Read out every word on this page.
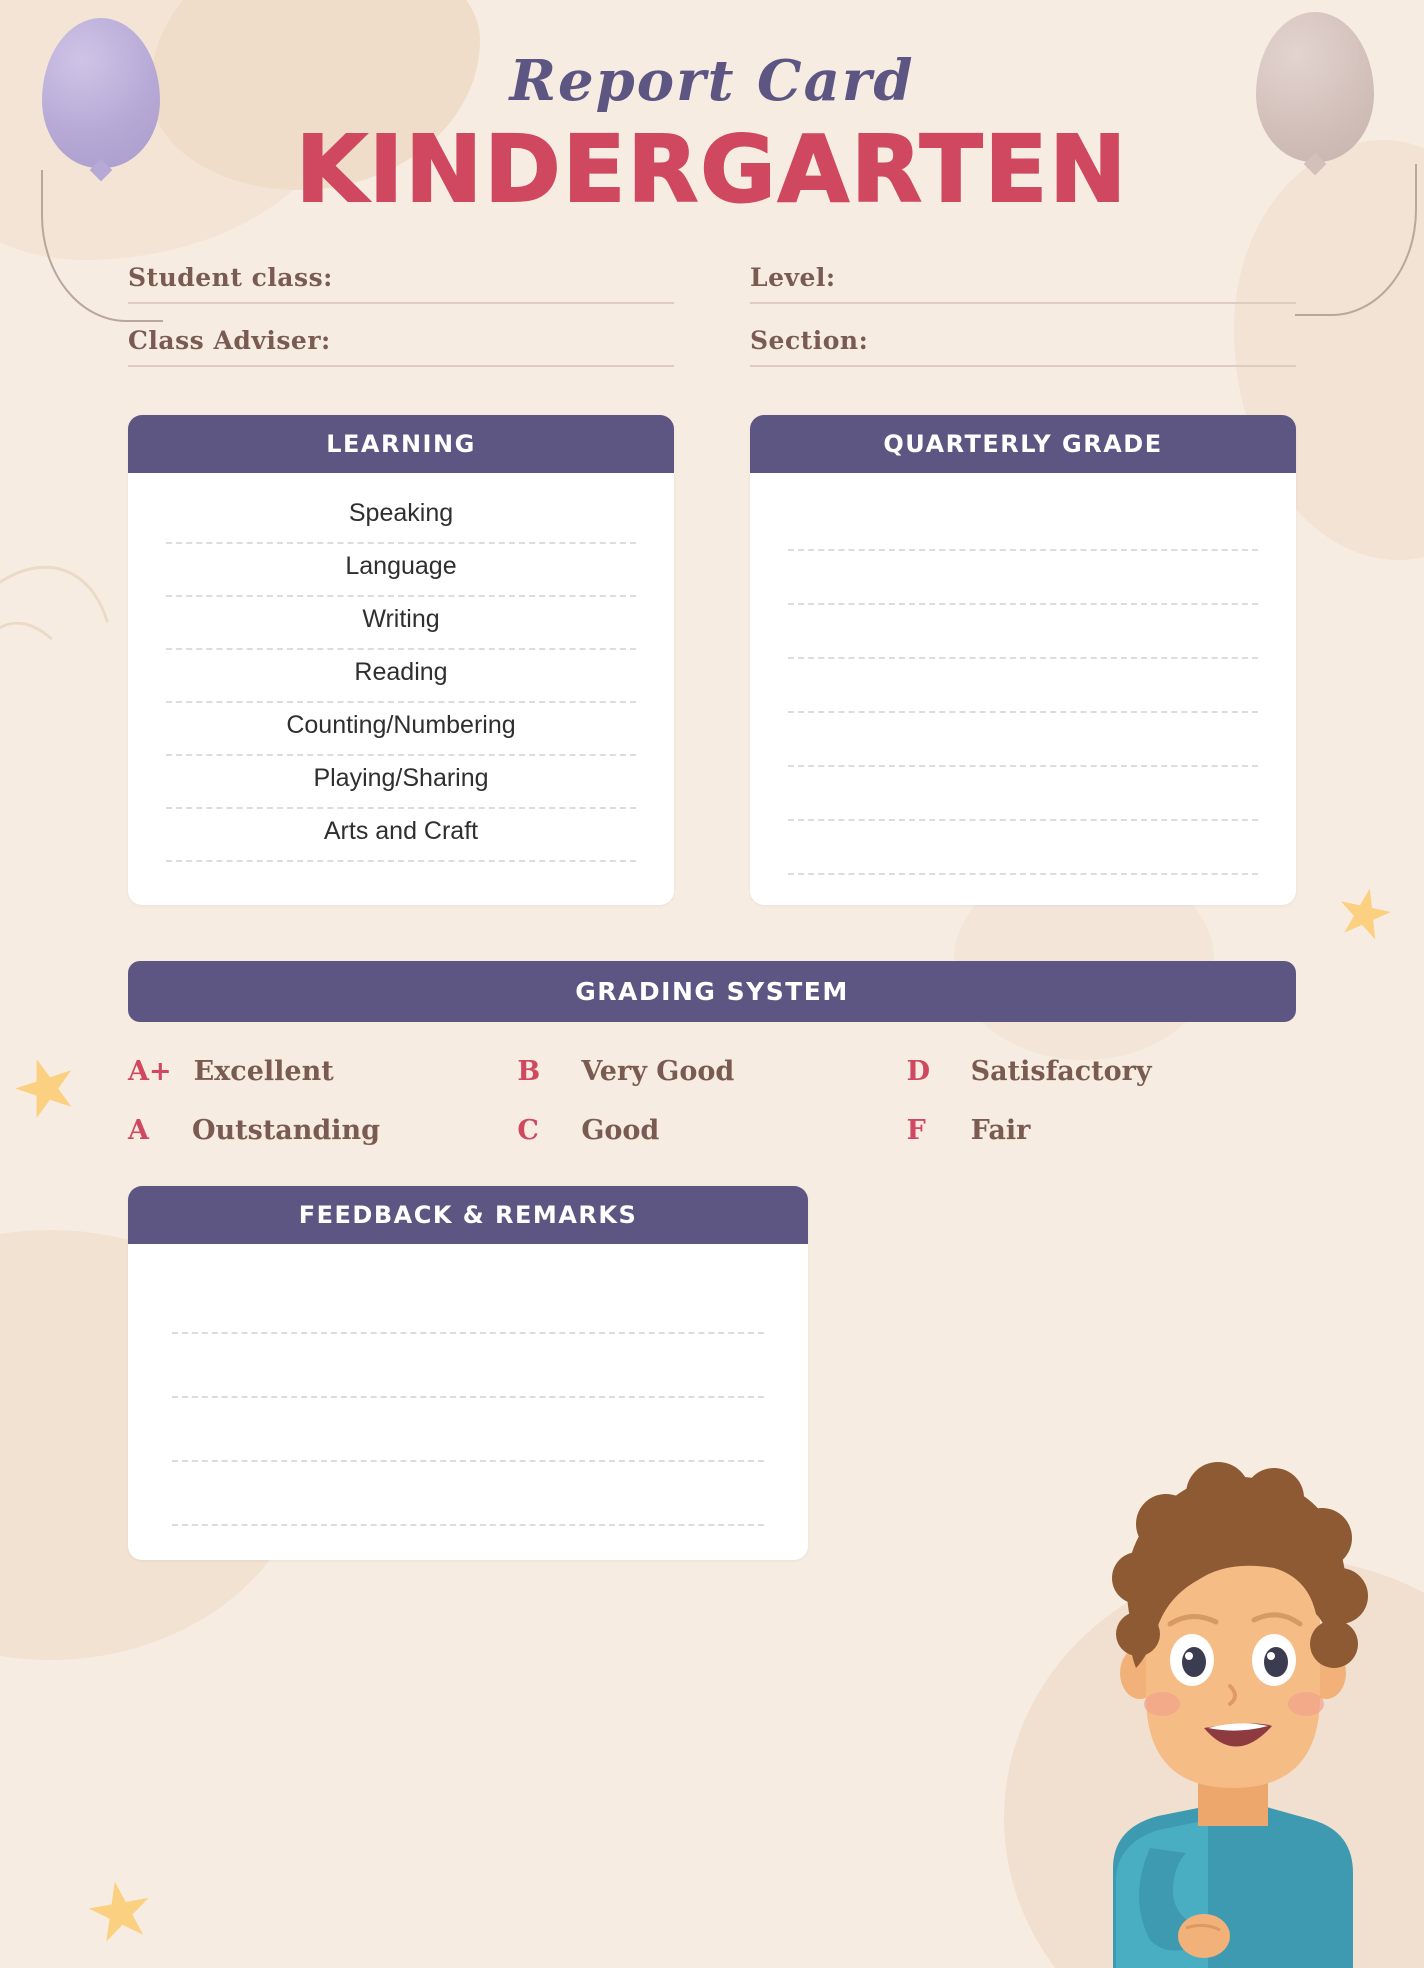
★
★
★

Report Card

KINDERGARTEN

Student class:	Level:
Class Adviser:	Section:
LEARNING
Speaking
Language
Writing
Reading
Counting/Numbering
Playing/Sharing
Arts and Craft
QUARTERLY GRADE
GRADING SYSTEM
A+ Excellent	B	Very Good	D	Satisfactory
A	Outstanding	C	Good	F	Fair
FEEDBACK & REMARKS
